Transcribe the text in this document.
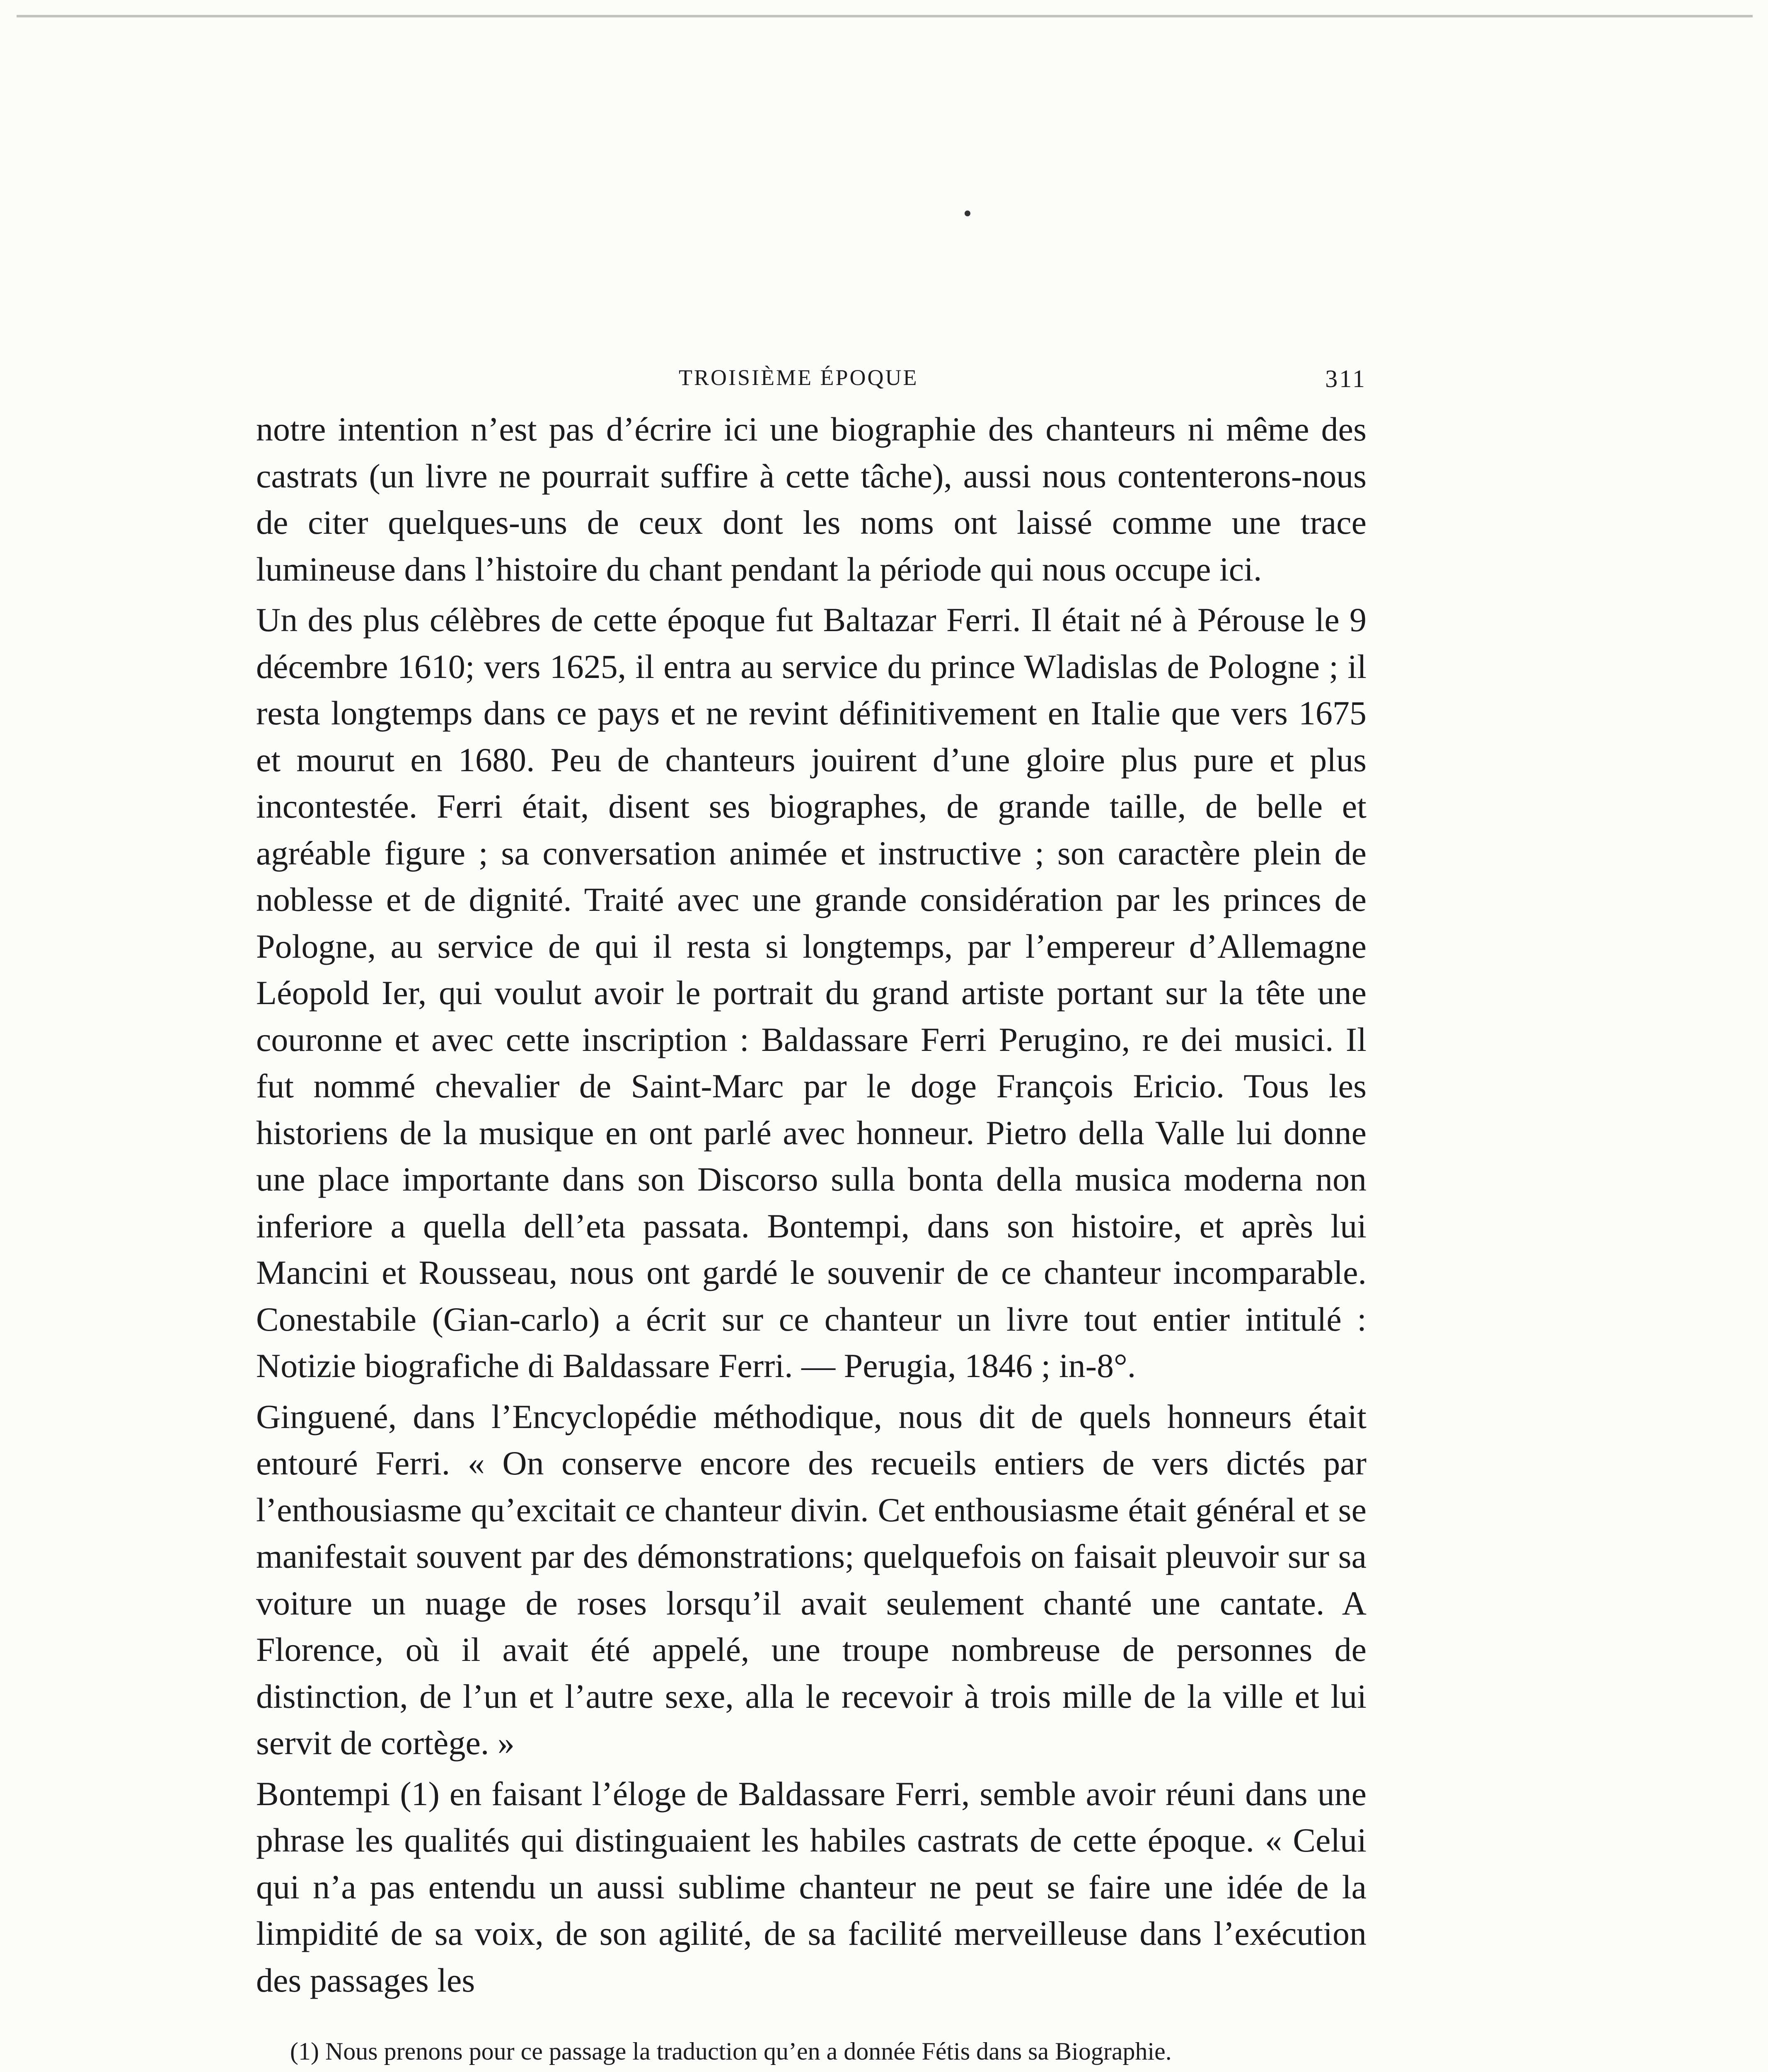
TROISIÈME ÉPOQUE	311

notre intention n’est pas d’écrire ici une biographie des chanteurs ni même des castrats (un livre ne pourrait suffire à cette tâche), aussi nous contenterons-nous de citer quelques-uns de ceux dont les noms ont laissé comme une trace lumineuse dans l’histoire du chant pendant la période qui nous occupe ici.

Un des plus célèbres de cette époque fut Baltazar Ferri. Il était né à Pérouse le 9 décembre 1610; vers 1625, il entra au service du prince Wladislas de Pologne ; il resta longtemps dans ce pays et ne revint définitivement en Italie que vers 1675 et mourut en 1680. Peu de chanteurs jouirent d’une gloire plus pure et plus incontestée. Ferri était, disent ses biographes, de grande taille, de belle et agréable figure ; sa conversation animée et instructive ; son caractère plein de noblesse et de dignité. Traité avec une grande considération par les princes de Pologne, au service de qui il resta si longtemps, par l’empereur d’Allemagne Léopold Ier, qui voulut avoir le portrait du grand artiste portant sur la tête une couronne et avec cette inscription : Baldassare Ferri Perugino, re dei musici. Il fut nommé chevalier de Saint-Marc par le doge François Ericio. Tous les historiens de la musique en ont parlé avec honneur. Pietro della Valle lui donne une place importante dans son Discorso sulla bonta della musica moderna non inferiore a quella dell’eta passata. Bontempi, dans son histoire, et après lui Mancini et Rousseau, nous ont gardé le souvenir de ce chanteur incomparable. Conestabile (Gian-carlo) a écrit sur ce chanteur un livre tout entier intitulé : Notizie biografiche di Baldassare Ferri. — Perugia, 1846 ; in-8°.

Ginguené, dans l’Encyclopédie méthodique, nous dit de quels honneurs était entouré Ferri. « On conserve encore des recueils entiers de vers dictés par l’enthousiasme qu’excitait ce chanteur divin. Cet enthousiasme était général et se manifestait souvent par des démonstrations; quelquefois on faisait pleuvoir sur sa voiture un nuage de roses lorsqu’il avait seulement chanté une cantate. A Florence, où il avait été appelé, une troupe nombreuse de personnes de distinction, de l’un et l’autre sexe, alla le recevoir à trois mille de la ville et lui servit de cortège. »

Bontempi (1) en faisant l’éloge de Baldassare Ferri, semble avoir réuni dans une phrase les qualités qui distinguaient les habiles castrats de cette époque. « Celui qui n’a pas entendu un aussi sublime chanteur ne peut se faire une idée de la limpidité de sa voix, de son agilité, de sa facilité merveilleuse dans l’exécution des passages les

(1) Nous prenons pour ce passage la traduction qu’en a donnée Fétis dans sa Biographie.
